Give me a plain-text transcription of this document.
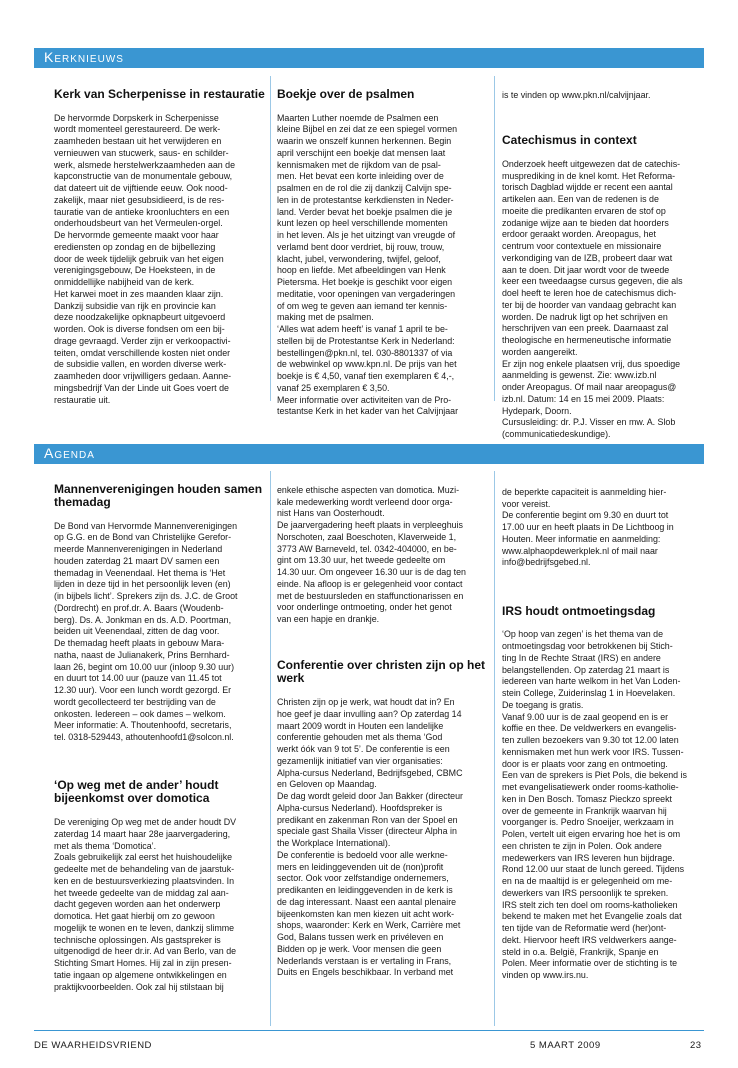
Kerknieuws

Kerk van Scherpenisse in restauratie

De hervormde Dorpskerk in Scherpenisse
wordt momenteel gerestaureerd. De werk-
zaamheden bestaan uit het verwijderen en
vernieuwen van stucwerk, saus- en schilder-
werk, alsmede herstelwerkzaamheden aan de
kapconstructie van de monumentale gebouw,
dat dateert uit de vijftiende eeuw. Ook nood-
zakelijk, maar niet gesubsidieerd, is de res-
tauratie van de antieke kroonluchters en een
onderhoudsbeurt van het Vermeulen-orgel.
De hervormde gemeente maakt voor haar
erediensten op zondag en de bijbellezing
door de week tijdelijk gebruik van het eigen
verenigingsgebouw, De Hoeksteen, in de
onmiddellijke nabijheid van de kerk.
Het karwei moet in zes maanden klaar zijn.
Dankzij subsidie van rijk en provincie kan
deze noodzakelijke opknapbeurt uitgevoerd
worden. Ook is diverse fondsen om een bij-
drage gevraagd. Verder zijn er verkoopactivi-
teiten, omdat verschillende kosten niet onder
de subsidie vallen, en worden diverse werk-
zaamheden door vrijwilligers gedaan. Aanne-
mingsbedrijf Van der Linde uit Goes voert de
restauratie uit.

Boekje over de psalmen

Maarten Luther noemde de Psalmen een
kleine Bijbel en zei dat ze een spiegel vormen
waarin we onszelf kunnen herkennen. Begin
april verschijnt een boekje dat mensen laat
kennismaken met de rijkdom van de psal-
men. Het bevat een korte inleiding over de
psalmen en de rol die zij dankzij Calvijn spe-
len in de protestantse kerkdiensten in Neder-
land. Verder bevat het boekje psalmen die je
kunt lezen op heel verschillende momenten
in het leven. Als je het uitzingt van vreugde of
verlamd bent door verdriet, bij rouw, trouw,
klacht, jubel, verwondering, twijfel, geloof,
hoop en liefde. Met afbeeldingen van Henk
Pietersma. Het boekje is geschikt voor eigen
meditatie, voor openingen van vergaderingen
of om weg te geven aan iemand ter kennis-
making met de psalmen.
‘Alles wat adem heeft’ is vanaf 1 april te be-
stellen bij de Protestantse Kerk in Nederland:
bestellingen@pkn.nl, tel. 030-8801337 of via
de webwinkel op www.kpn.nl. De prijs van het
boekje is € 4,50, vanaf tien exemplaren € 4,-,
vanaf 25 exemplaren € 3,50.
Meer informatie over activiteiten van de Pro-
testantse Kerk in het kader van het Calvijnjaar

is te vinden op www.pkn.nl/calvijnjaar.

Catechismus in context

Onderzoek heeft uitgewezen dat de catechis-
musprediking in de knel komt. Het Reforma-
torisch Dagblad wijdde er recent een aantal
artikelen aan. Een van de redenen is de
moeite die predikanten ervaren de stof op
zodanige wijze aan te bieden dat hoorders
erdoor geraakt worden. Areopagus, het
centrum voor contextuele en missionaire
verkondiging van de IZB, probeert daar wat
aan te doen. Dit jaar wordt voor de tweede
keer een tweedaagse cursus gegeven, die als
doel heeft te leren hoe de catechismus dich-
ter bij de hoorder van vandaag gebracht kan
worden. De nadruk ligt op het schrijven en
herschrijven van een preek. Daarnaast zal
theologische en hermeneutische informatie
worden aangereikt.
Er zijn nog enkele plaatsen vrij, dus spoedige
aanmelding is gewenst. Zie: www.izb.nl
onder Areopagus. Of mail naar areopagus@
izb.nl. Datum: 14 en 15 mei 2009. Plaats:
Hydepark, Doorn.
Cursusleiding: dr. P.J. Visser en mw. A. Slob
(communicatiedeskundige).

Agenda

Mannenverenigingen houden samen themadag

De Bond van Hervormde Mannenverenigingen
op G.G. en de Bond van Christelijke Gerefor-
meerde Mannenverenigingen in Nederland
houden zaterdag 21 maart DV samen een
themadag in Veenendaal. Het thema is ‘Het
lijden in deze tijd in het persoonlijk leven (en)
(in bijbels licht’. Sprekers zijn ds. J.C. de Groot
(Dordrecht) en prof.dr. A. Baars (Woudenb-
berg). Ds. A. Jonkman en ds. A.D. Poortman,
beiden uit Veenendaal, zitten de dag voor.
De themadag heeft plaats in gebouw Mara-
natha, naast de Julianakerk, Prins Bernhard-
laan 26, begint om 10.00 uur (inloop 9.30 uur)
en duurt tot 14.00 uur (pauze van 11.45 tot
12.30 uur). Voor een lunch wordt gezorgd. Er
wordt gecollecteerd ter bestrijding van de
onkosten. Iedereen – ook dames – welkom.
Meer informatie: A. Thoutenhoofd, secretaris,
tel. 0318-529443, athoutenhoofd1@solcon.nl.

‘Op weg met de ander’ houdt bijeenkomst over domotica

De vereniging Op weg met de ander houdt DV
zaterdag 14 maart haar 28e jaarvergadering,
met als thema ‘Domotica’.
Zoals gebruikelijk zal eerst het huishoudelijke
gedeelte met de behandeling van de jaarstuk-
ken en de bestuursverkiezing plaatsvinden. In
het tweede gedeelte van de middag zal aan-
dacht gegeven worden aan het onderwerp
domotica. Het gaat hierbij om zo gewoon
mogelijk te wonen en te leven, dankzij slimme
technische oplossingen. Als gastspreker is
uitgenodigd de heer dr.ir. Ad van Berlo, van de
Stichting Smart Homes. Hij zal in zijn presen-
tatie ingaan op algemene ontwikkelingen en
praktijkvoorbeelden. Ook zal hij stilstaan bij

enkele ethische aspecten van domotica. Muzi-
kale medewerking wordt verleend door orga-
nist Hans van Oosterhoudt.
De jaarvergadering heeft plaats in verpleeghuis
Norschoten, zaal Boeschoten, Klaverweide 1,
3773 AW Barneveld, tel. 0342-404000, en be-
gint om 13.30 uur, het tweede gedeelte om
14.30 uur. Om ongeveer 16.30 uur is de dag ten
einde. Na afloop is er gelegenheid voor contact
met de bestuursleden en staffunctionarissen en
voor onderlinge ontmoeting, onder het genot
van een hapje en drankje.

Conferentie over christen zijn op het werk

Christen zijn op je werk, wat houdt dat in? En
hoe geef je daar invulling aan? Op zaterdag 14
maart 2009 wordt in Houten een landelijke
conferentie gehouden met als thema ‘God
werkt óók van 9 tot 5’. De conferentie is een
gezamenlijk initiatief van vier organisaties:
Alpha-cursus Nederland, Bedrijfsgebed, CBMC
en Geloven op Maandag.
De dag wordt geleid door Jan Bakker (directeur
Alpha-cursus Nederland). Hoofdspreker is
predikant en zakenman Ron van der Spoel en
speciale gast Shaila Visser (directeur Alpha in
the Workplace International).
De conferentie is bedoeld voor alle werkne-
mers en leidinggevenden uit de (non)profit
sector. Ook voor zelfstandige ondernemers,
predikanten en leidinggevenden in de kerk is
de dag interessant. Naast een aantal plenaire
bijeenkomsten kan men kiezen uit acht work-
shops, waaronder: Kerk en Werk, Carrière met
God, Balans tussen werk en privéleven en
Bidden op je werk. Voor mensen die geen
Nederlands verstaan is er vertaling in Frans,
Duits en Engels beschikbaar. In verband met

de beperkte capaciteit is aanmelding hier-
voor vereist.
De conferentie begint om 9.30 en duurt tot
17.00 uur en heeft plaats in De Lichtboog in
Houten. Meer informatie en aanmelding:
www.alphaopdewerkplek.nl of mail naar
info@bedrijfsgebed.nl.

IRS houdt ontmoetingsdag

‘Op hoop van zegen’ is het thema van de
ontmoetingsdag voor betrokkenen bij Stich-
ting In de Rechte Straat (IRS) en andere
belangstellenden. Op zaterdag 21 maart is
iedereen van harte welkom in het Van Loden-
stein College, Zuiderinslag 1 in Hoevelaken.
De toegang is gratis.
Vanaf 9.00 uur is de zaal geopend en is er
koffie en thee. De veldwerkers en evangelis-
ten zullen bezoekers van 9.30 tot 12.00 laten
kennismaken met hun werk voor IRS. Tussen-
door is er plaats voor zang en ontmoeting.
Een van de sprekers is Piet Pols, die bekend is
met evangelisatiewerk onder rooms-katholie-
ken in Den Bosch. Tomasz Pieckzo spreekt
over de gemeente in Frankrijk waarvan hij
voorganger is. Pedro Snoeijer, werkzaam in
Polen, vertelt uit eigen ervaring hoe het is om
een christen te zijn in Polen. Ook andere
medewerkers van IRS leveren hun bijdrage.
Rond 12.00 uur staat de lunch gereed. Tijdens
en na de maaltijd is er gelegenheid om me-
dewerkers van IRS persoonlijk te spreken.
IRS stelt zich ten doel om rooms-katholieken
bekend te maken met het Evangelie zoals dat
ten tijde van de Reformatie werd (her)ont-
dekt. Hiervoor heeft IRS veldwerkers aange-
steld in o.a. België, Frankrijk, Spanje en
Polen. Meer informatie over de stichting is te
vinden op www.irs.nu.

DE WAARHEIDSVRIEND	5 MAART 2009	23
